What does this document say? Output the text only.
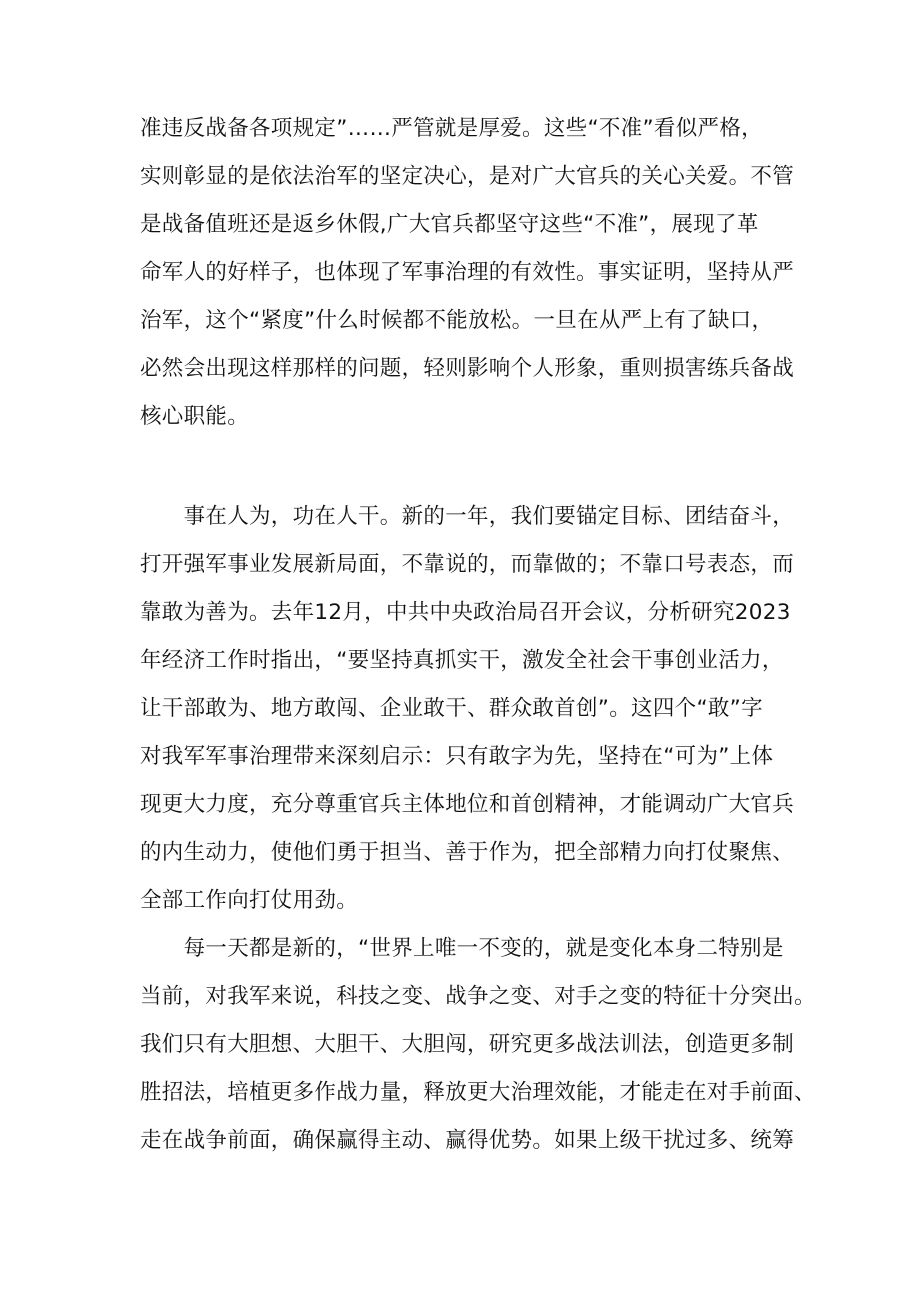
准违反战备各项规定”……严管就是厚爱。这些“不准”看似严格，

实则彰显的是依法治军的坚定决心，是对广大官兵的关心关爱。不管

是战备值班还是返乡休假,广大官兵都坚守这些“不准”，展现了革

命军人的好样子，也体现了军事治理的有效性。事实证明，坚持从严

治军，这个“紧度”什么时候都不能放松。一旦在从严上有了缺口，

必然会出现这样那样的问题，轻则影响个人形象，重则损害练兵备战

核心职能。

　　事在人为，功在人干。新的一年，我们要锚定目标、团结奋斗，

打开强军事业发展新局面，不靠说的，而靠做的；不靠口号表态，而

靠敢为善为。去年12月，中共中央政治局召开会议，分析研究2023

年经济工作时指出，“要坚持真抓实干，激发全社会干事创业活力，

让干部敢为、地方敢闯、企业敢干、群众敢首创”。这四个“敢”字

对我军军事治理带来深刻启示：只有敢字为先，坚持在“可为”上体

现更大力度，充分尊重官兵主体地位和首创精神，才能调动广大官兵

的内生动力，使他们勇于担当、善于作为，把全部精力向打仗聚焦、

全部工作向打仗用劲。

　　每一天都是新的，“世界上唯一不变的，就是变化本身二特别是

当前，对我军来说，科技之变、战争之变、对手之变的特征十分突出。

我们只有大胆想、大胆干、大胆闯，研究更多战法训法，创造更多制

胜招法，培植更多作战力量，释放更大治理效能，才能走在对手前面、

走在战争前面，确保赢得主动、赢得优势。如果上级干扰过多、统筹
